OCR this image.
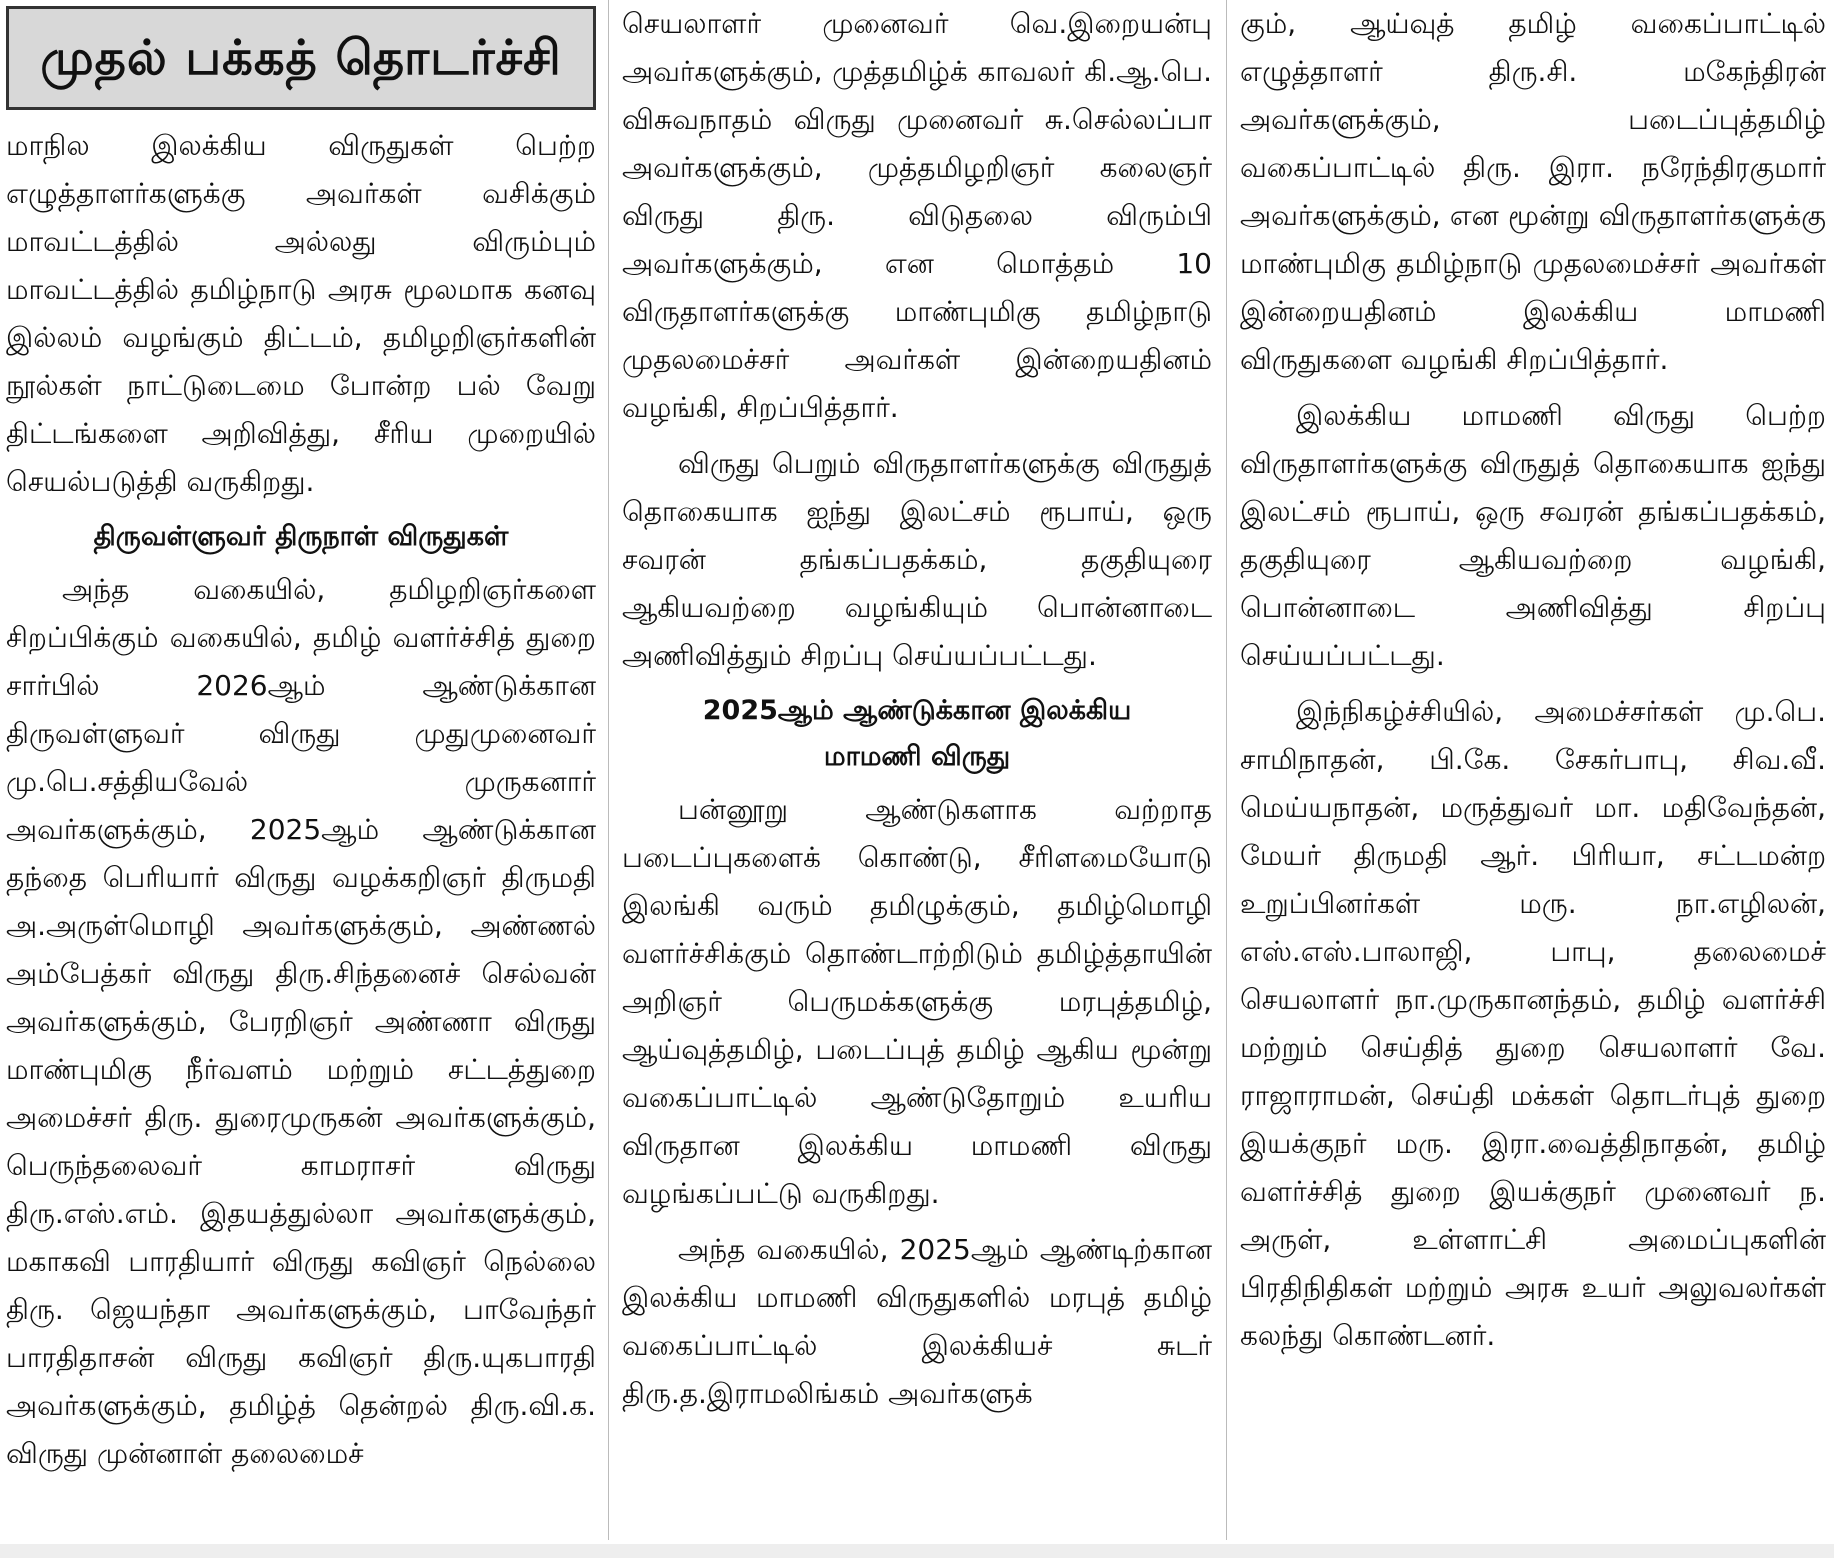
முதல் பக்கத் தொடர்ச்சி

மாநில இலக்கிய விருதுகள் பெற்ற எழுத்தாளர்களுக்கு அவர்கள் வசிக்கும் மாவட்டத்தில் அல்லது விரும்பும் மாவட்டத்தில் தமிழ்நாடு அரசு மூலமாக கனவு இல்லம் வழங்கும் திட்டம், தமிழறிஞர்களின் நூல்கள் நாட்டுடைமை போன்ற பல் வேறு திட்டங்களை அறிவித்து, சீரிய முறையில் செயல்படுத்தி வருகிறது.

திருவள்ளுவர் திருநாள் விருதுகள்

அந்த வகையில், தமிழறிஞர்களை சிறப்பிக்கும் வகையில், தமிழ் வளர்ச்சித் துறை சார்பில் 2026ஆம் ஆண்டுக்கான திருவள்ளுவர் விருது முதுமுனைவர் மு.பெ.சத்தியவேல் முருகனார் அவர்களுக்கும், 2025ஆம் ஆண்டுக்கான தந்தை பெரியார் விருது வழக்கறிஞர் திருமதி அ.அருள்மொழி அவர்களுக்கும், அண்ணல் அம்பேத்கர் விருது திரு.சிந்தனைச் செல்வன் அவர்களுக்கும், பேரறிஞர் அண்ணா விருது மாண்புமிகு நீர்வளம் மற்றும் சட்டத்துறை அமைச்சர் திரு. துரைமுருகன் அவர்களுக்கும், பெருந்தலைவர் காமராசர் விருது திரு.எஸ்.எம். இதயத்துல்லா அவர்களுக்கும், மகாகவி பாரதியார் விருது கவிஞர் நெல்லை திரு. ஜெயந்தா அவர்களுக்கும், பாவேந்தர் பாரதிதாசன் விருது கவிஞர் திரு.யுகபாரதி அவர்களுக்கும், தமிழ்த் தென்றல் திரு.வி.க. விருது முன்னாள் தலைமைச்

செயலாளர் முனைவர் வெ.இறையன்பு அவர்களுக்கும், முத்தமிழ்க் காவலர் கி.ஆ.பெ. விசுவநாதம் விருது முனைவர் சு.செல்லப்பா அவர்களுக்கும், முத்தமிழறிஞர் கலைஞர் விருது திரு. விடுதலை விரும்பி அவர்களுக்கும், என மொத்தம் 10 விருதாளர்களுக்கு மாண்புமிகு தமிழ்நாடு முதலமைச்சர் அவர்கள் இன்றையதினம் வழங்கி, சிறப்பித்தார்.

விருது பெறும் விருதாளர்களுக்கு விருதுத் தொகையாக ஐந்து இலட்சம் ரூபாய், ஒரு சவரன் தங்கப்பதக்கம், தகுதியுரை ஆகியவற்றை வழங்கியும் பொன்னாடை அணிவித்தும் சிறப்பு செய்யப்பட்டது.

2025ஆம் ஆண்டுக்கான இலக்கிய
மாமணி விருது

பன்னூறு ஆண்டுகளாக வற்றாத படைப்புகளைக் கொண்டு, சீரிளமையோடு இலங்கி வரும் தமிழுக்கும், தமிழ்மொழி வளர்ச்சிக்கும் தொண்டாற்றிடும் தமிழ்த்தாயின் அறிஞர் பெருமக்களுக்கு மரபுத்தமிழ், ஆய்வுத்தமிழ், படைப்புத் தமிழ் ஆகிய மூன்று வகைப்பாட்டில் ஆண்டுதோறும் உயரிய விருதான இலக்கிய மாமணி விருது வழங்கப்பட்டு வருகிறது.

அந்த வகையில், 2025ஆம் ஆண்டிற்கான இலக்கிய மாமணி விருதுகளில் மரபுத் தமிழ் வகைப்பாட்டில் இலக்கியச் சுடர் திரு.த.இராமலிங்கம் அவர்களுக்

கும், ஆய்வுத் தமிழ் வகைப்பாட்டில் எழுத்தாளர் திரு.சி. மகேந்திரன் அவர்களுக்கும், படைப்புத்தமிழ் வகைப்பாட்டில் திரு. இரா. நரேந்திரகுமார் அவர்களுக்கும், என மூன்று விருதாளர்களுக்கு மாண்புமிகு தமிழ்நாடு முதலமைச்சர் அவர்கள் இன்றையதினம் இலக்கிய மாமணி விருதுகளை வழங்கி சிறப்பித்தார்.

இலக்கிய மாமணி விருது பெற்ற விருதாளர்களுக்கு விருதுத் தொகையாக ஐந்து இலட்சம் ரூபாய், ஒரு சவரன் தங்கப்பதக்கம், தகுதியுரை ஆகியவற்றை வழங்கி, பொன்னாடை அணிவித்து சிறப்பு செய்யப்பட்டது.

இந்நிகழ்ச்சியில், அமைச்சர்கள் மு.பெ. சாமிநாதன், பி.கே. சேகர்பாபு, சிவ.வீ. மெய்யநாதன், மருத்துவர் மா. மதிவேந்தன், மேயர் திருமதி ஆர். பிரியா, சட்டமன்ற உறுப்பினர்கள் மரு. நா.எழிலன், எஸ்.எஸ்.பாலாஜி, பாபு, தலைமைச் செயலாளர் நா.முருகானந்தம், தமிழ் வளர்ச்சி மற்றும் செய்தித் துறை செயலாளர் வே. ராஜாராமன், செய்தி மக்கள் தொடர்புத் துறை இயக்குநர் மரு. இரா.வைத்திநாதன், தமிழ் வளர்ச்சித் துறை இயக்குநர் முனைவர் ந. அருள், உள்ளாட்சி அமைப்புகளின் பிரதிநிதிகள் மற்றும் அரசு உயர் அலுவலர்கள் கலந்து கொண்டனர்.
